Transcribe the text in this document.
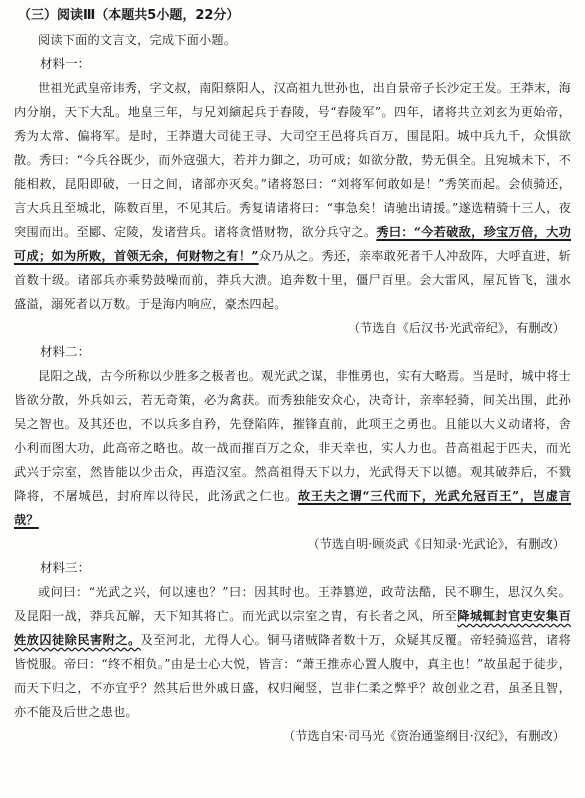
（三）阅读Ⅲ（本题共5小题，22分）

阅读下面的文言文，完成下面小题。

材料一：

世祖光武皇帝讳秀，字文叔，南阳蔡阳人，汉高祖九世孙也，出自景帝子长沙定王发。王莽末，海内分崩，天下大乱。地皇三年，与兄刘縯起兵于舂陵，号“舂陵军”。四年，诸将共立刘玄为更始帝，秀为太常、偏将军。是时，王莽遣大司徒王寻、大司空王邑将兵百万，围昆阳。城中兵九千，众惧欲散。秀曰：“今兵谷既少，而外寇强大，若并力御之，功可成；如欲分散，势无俱全。且宛城未下，不能相救，昆阳即破，一日之间，诸部亦灭矣。”诸将怒曰：“刘将军何敢如是！”秀笑而起。会侦骑还，言大兵且至城北，陈数百里，不见其后。秀复请诸将曰：“事急矣！请驰出请援。”遂选精骑十三人，夜突围而出。至郾、定陵，发诸营兵。诸将贪惜财物，欲分兵守之。秀曰：“今若破敌，珍宝万倍，大功可成；如为所败，首领无余，何财物之有！”众乃从之。秀还，亲率敢死者千人冲敌阵，大呼直进，斩首数十级。诸部兵亦乘势鼓噪而前，莽兵大溃。追奔数十里，僵尸百里。会大雷风，屋瓦皆飞，滍水盛溢，溺死者以万数。于是海内响应，豪杰四起。

（节选自《后汉书·光武帝纪》，有删改）
材料二：

昆阳之战，古今所称以少胜多之极者也。观光武之谋，非惟勇也，实有大略焉。当是时，城中将士皆欲分散，外兵如云，若无奇策，必为禽获。而秀独能安众心，决奇计，亲率轻骑，间关出围，此孙吴之智也。及其还也，不以兵多自矜，先登陷阵，摧锋直前，此项王之勇也。且能以大义动诸将，舍小利而图大功，此高帝之略也。故一战而摧百万之众，非天幸也，实人力也。昔高祖起于匹夫，而光武兴于宗室，然皆能以少击众，再造汉室。然高祖得天下以力，光武得天下以德。观其破莽后，不戮降将，不屠城邑，封府库以待民，此汤武之仁也。故王夫之谓“三代而下，光武允冠百王”，岂虚言哉？

（节选自明·顾炎武《日知录·光武论》，有删改）
材料三：

或问曰：“光武之兴，何以速也？”曰：因其时也。王莽篡逆，政苛法酷，民不聊生，思汉久矣。及昆阳一战，莽兵瓦解，天下知其将亡。而光武以宗室之胄，有长者之风，所至降城辄封官吏安集百姓放囚徒除民害附之。及至河北，尤得人心。铜马诸贼降者数十万，众疑其反覆。帝轻骑巡营，诸将皆悦服。帝曰：“终不相负。”由是士心大悦，皆言：“萧王推赤心置人腹中，真主也！”故虽起于徒步，而天下归之，不亦宜乎？然其后世外戚日盛，权归阉竖，岂非仁柔之弊乎？故创业之君，虽圣且智，亦不能及后世之患也。

（节选自宋·司马光《资治通鉴纲目·汉纪》，有删改）
